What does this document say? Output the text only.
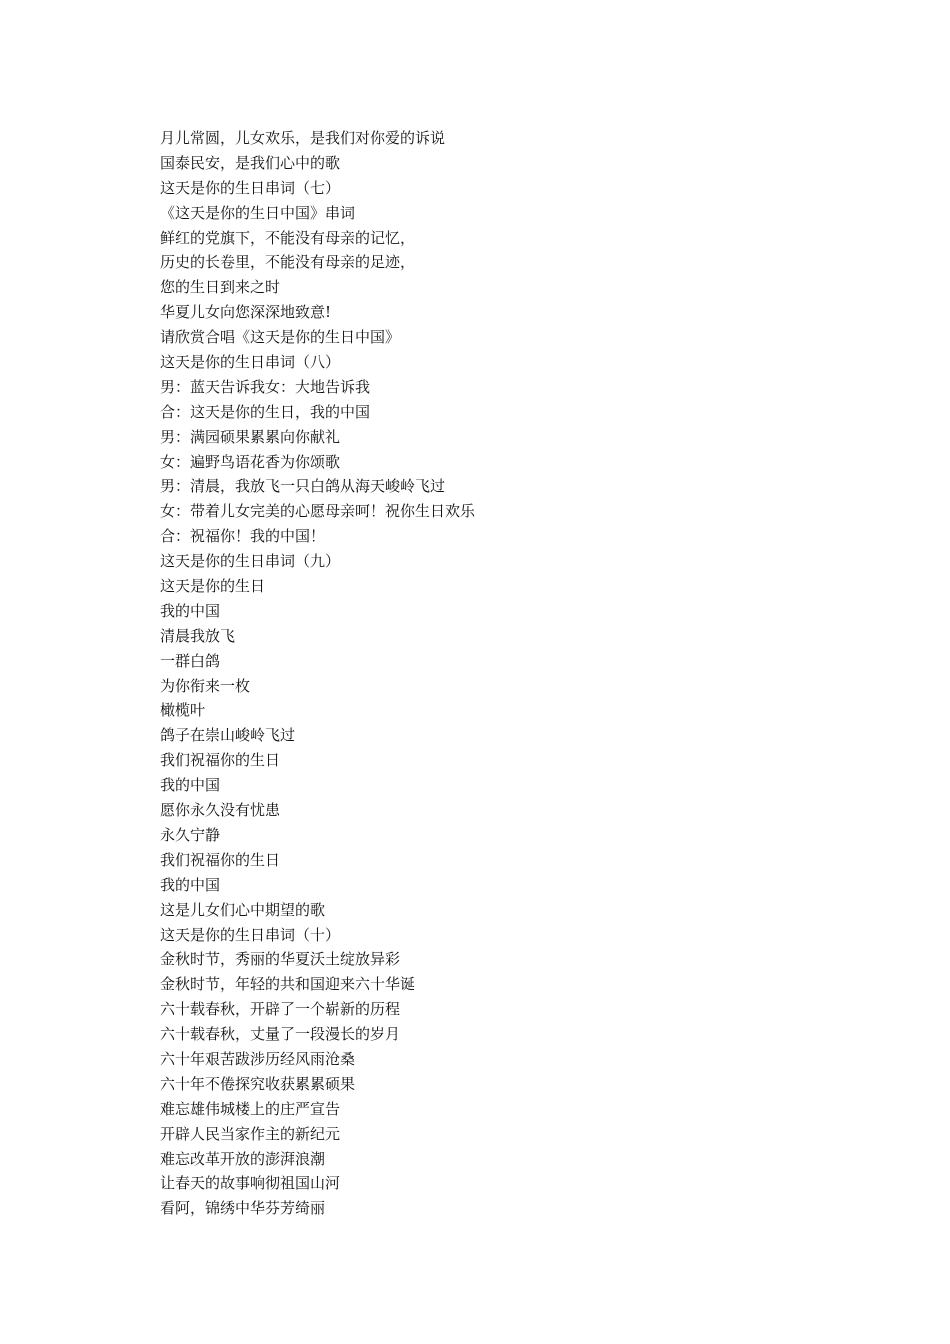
月儿常圆，儿女欢乐，是我们对你爱的诉说
国泰民安，是我们心中的歌
这天是你的生日串词（七）
《这天是你的生日中国》串词
鲜红的党旗下，不能没有母亲的记忆，
历史的长卷里，不能没有母亲的足迹，
您的生日到来之时
华夏儿女向您深深地致意!
请欣赏合唱《这天是你的生日中国》
这天是你的生日串词（八）
男：蓝天告诉我女：大地告诉我
合：这天是你的生日，我的中国
男：满园硕果累累向你献礼
女：遍野鸟语花香为你颂歌
男：清晨，我放飞一只白鸽从海天峻岭飞过
女：带着儿女完美的心愿母亲呵！祝你生日欢乐
合：祝福你！我的中国！
这天是你的生日串词（九）
这天是你的生日
我的中国
清晨我放飞
一群白鸽
为你衔来一枚
橄榄叶
鸽子在崇山峻岭飞过
我们祝福你的生日
我的中国
愿你永久没有忧患
永久宁静
我们祝福你的生日
我的中国
这是儿女们心中期望的歌
这天是你的生日串词（十）
金秋时节，秀丽的华夏沃土绽放异彩
金秋时节，年轻的共和国迎来六十华诞
六十载春秋，开辟了一个崭新的历程
六十载春秋，丈量了一段漫长的岁月
六十年艰苦跋涉历经风雨沧桑
六十年不倦探究收获累累硕果
难忘雄伟城楼上的庄严宣告
开辟人民当家作主的新纪元
难忘改革开放的澎湃浪潮
让春天的故事响彻祖国山河
看阿，锦绣中华芬芳绮丽
